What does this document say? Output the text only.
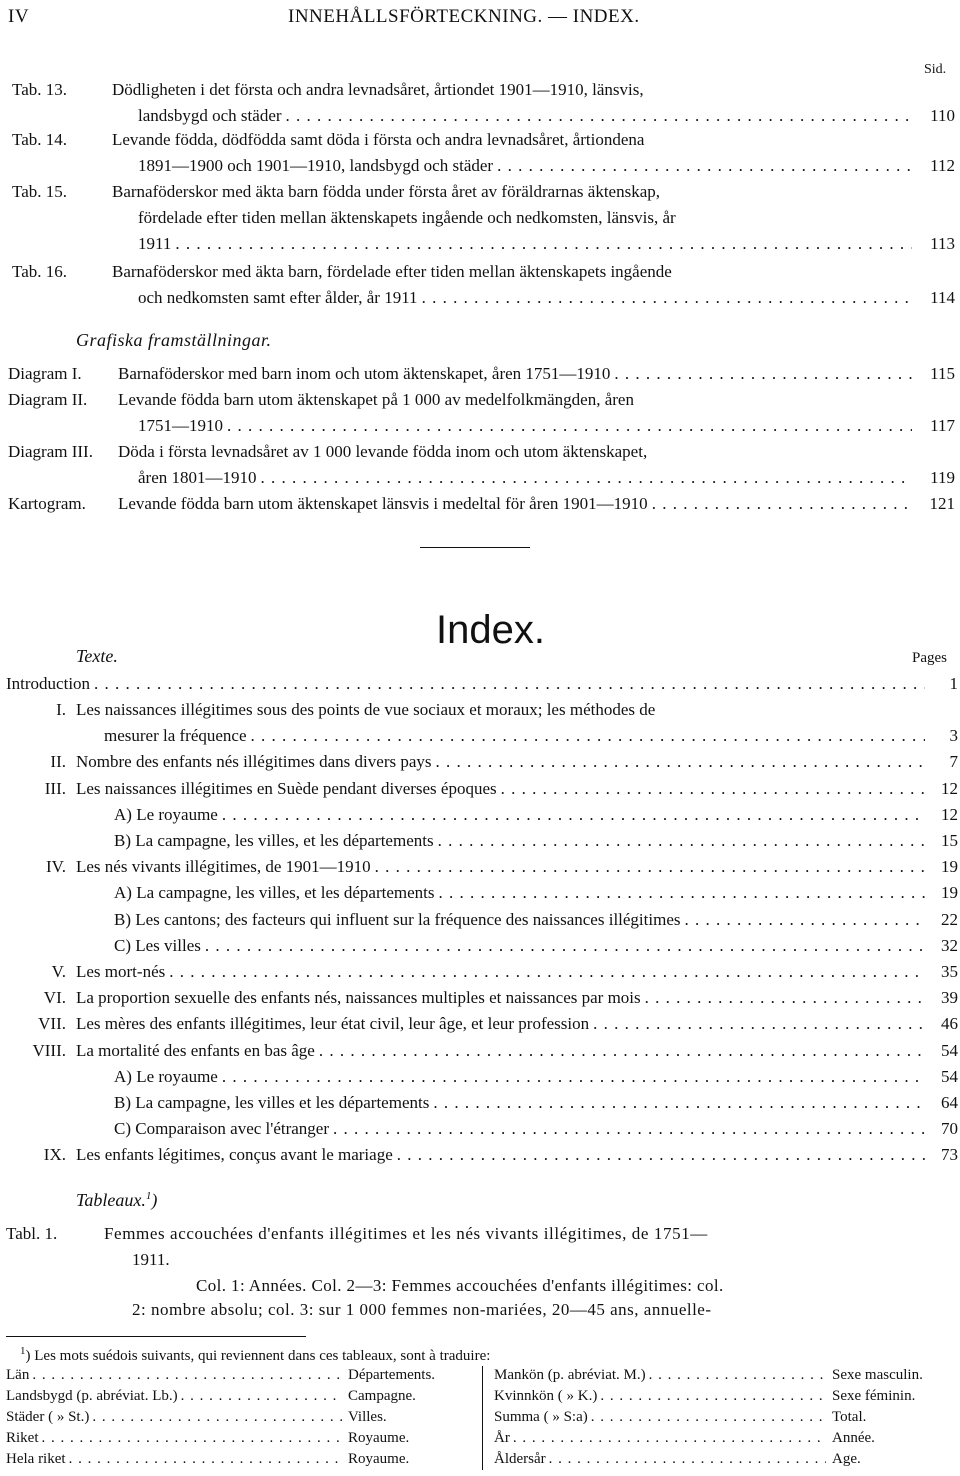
IV	INNEHÅLLSFÖRTECKNING. — INDEX.
Sid.
Tab. 13.	Dödligheten i det första och andra levnadsåret, årtiondet 1901—1910, länsvis,
landsbygd och städer . . .	110
Tab. 14.	Levande födda, dödfödda samt döda i första och andra levnadsåret, årtiondena
1891—1900 och 1901—1910, landsbygd och städer . . .	112
Tab. 15.	Barnaföderskor med äkta barn födda under första året av föräldrarnas äktenskap,
fördelade efter tiden mellan äktenskapets ingående och nedkomsten, länsvis, år
1911 . . .	113
Tab. 16.	Barnaföderskor med äkta barn, fördelade efter tiden mellan äktenskapets ingående
och nedkomsten samt efter ålder, år 1911 . . .	114
Grafiska framställningar.
Diagram I. Barnaföderskor med barn inom och utom äktenskapet, åren 1751—1910 . . .	115
Diagram II. Levande födda barn utom äktenskapet på 1 000 av medelfolkmängden, åren
1751—1910 . . .	117
Diagram III. Döda i första levnadsåret av 1 000 levande födda inom och utom äktenskapet,
åren 1801—1910 . . .	119
Kartogram. Levande födda barn utom äktenskapet länsvis i medeltal för åren 1901—1910 . . .	121
Index.
Texte.	Pages
Introduction . . .	1
I. Les naissances illégitimes sous des points de vue sociaux et moraux; les méthodes de
mesurer la fréquence . . .	3
II. Nombre des enfants nés illégitimes dans divers pays . . .	7
III. Les naissances illégitimes en Suède pendant diverses époques . . .	12
A) Le royaume . . .	12
B) La campagne, les villes, et les départements . . .	15
IV. Les nés vivants illégitimes, de 1901—1910 . . .	19
A) La campagne, les villes, et les départements . . .	19
B) Les cantons; des facteurs qui influent sur la fréquence des naissances illégitimes . . .	22
C) Les villes . . .	32
V. Les mort-nés . . .	35
VI. La proportion sexuelle des enfants nés, naissances multiples et naissances par mois . . .	39
VII. Les mères des enfants illégitimes, leur état civil, leur âge, et leur profession . . .	46
VIII. La mortalité des enfants en bas âge . . .	54
A) Le royaume . . .	54
B) La campagne, les villes et les départements . . .	64
C) Comparaison avec l'étranger . . .	70
IX. Les enfants légitimes, conçus avant le mariage . . .	73
Tableaux.$^1$)
Tabl. 1.	Femmes accouchées d'enfants illégitimes et les nés vivants illégitimes, de 1751—
1911.
Col. 1: Années. Col. 2—3: Femmes accouchées d'enfants illégitimes: col.
2: nombre absolu; col. 3: sur 1 000 femmes non-mariées, 20—45 ans, annuelle-
$^1$) Les mots suédois suivants, qui reviennent dans ces tableaux, sont à traduire:
Län . . .	Départements.
Landsbygd (p. abréviat. Lb.) . . .	Campagne.
Städer ( » St.) . . .	Villes.
Riket . . .	Royaume.
Hela riket . . .	Royaume.
Mankön (p. abréviat. M.) . . .	Sexe masculin.
Kvinnkön ( » K.) . . .	Sexe féminin.
Summa ( » S:a) . . .	Total.
År . . .	Année.
Åldersår . . .	Age.
